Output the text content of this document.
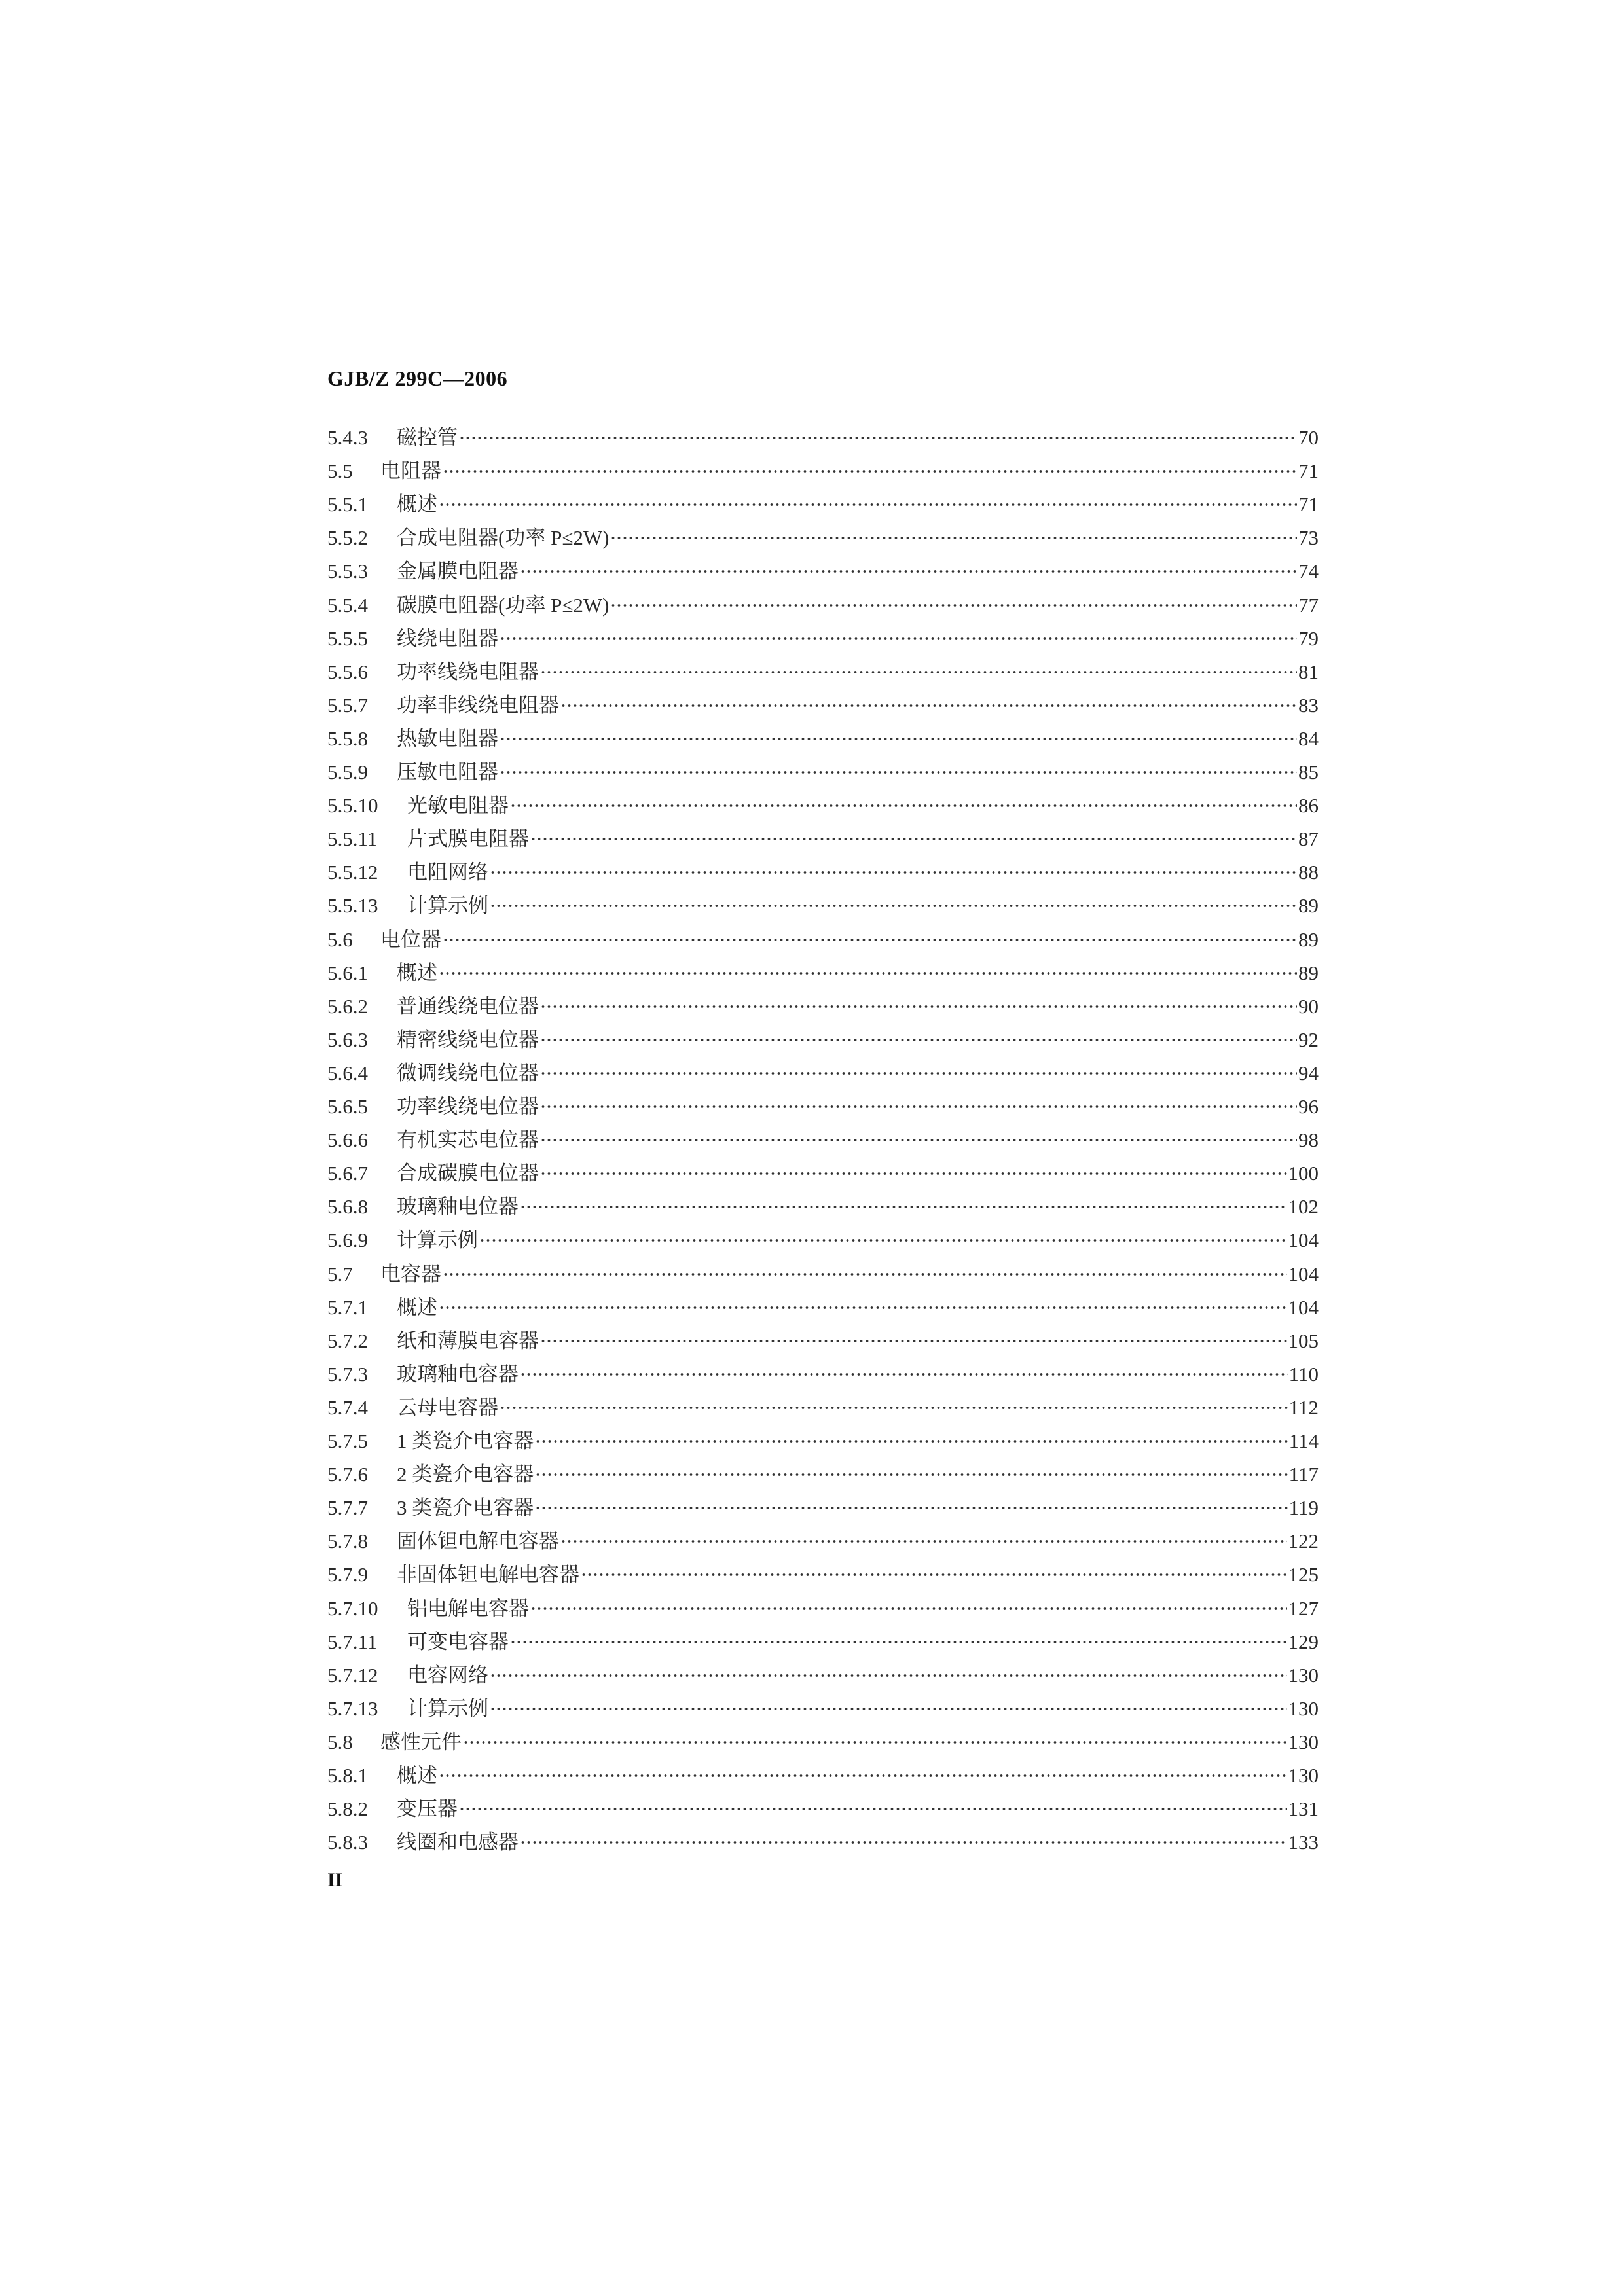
GJB/Z 299C—2006
5.4.3	磁控管	70
5.5	电阻器	71
5.5.1	概述	71
5.5.2	合成电阻器(功率 P≤2W)	73
5.5.3	金属膜电阻器	74
5.5.4	碳膜电阻器(功率 P≤2W)	77
5.5.5	线绕电阻器	79
5.5.6	功率线绕电阻器	81
5.5.7	功率非线绕电阻器	83
5.5.8	热敏电阻器	84
5.5.9	压敏电阻器	85
5.5.10	光敏电阻器	86
5.5.11	片式膜电阻器	87
5.5.12	电阻网络	88
5.5.13	计算示例	89
5.6	电位器	89
5.6.1	概述	89
5.6.2	普通线绕电位器	90
5.6.3	精密线绕电位器	92
5.6.4	微调线绕电位器	94
5.6.5	功率线绕电位器	96
5.6.6	有机实芯电位器	98
5.6.7	合成碳膜电位器	100
5.6.8	玻璃釉电位器	102
5.6.9	计算示例	104
5.7	电容器	104
5.7.1	概述	104
5.7.2	纸和薄膜电容器	105
5.7.3	玻璃釉电容器	110
5.7.4	云母电容器	112
5.7.5	1 类瓷介电容器	114
5.7.6	2 类瓷介电容器	117
5.7.7	3 类瓷介电容器	119
5.7.8	固体钽电解电容器	122
5.7.9	非固体钽电解电容器	125
5.7.10	铝电解电容器	127
5.7.11	可变电容器	129
5.7.12	电容网络	130
5.7.13	计算示例	130
5.8	感性元件	130
5.8.1	概述	130
5.8.2	变压器	131
5.8.3	线圈和电感器	133
II
